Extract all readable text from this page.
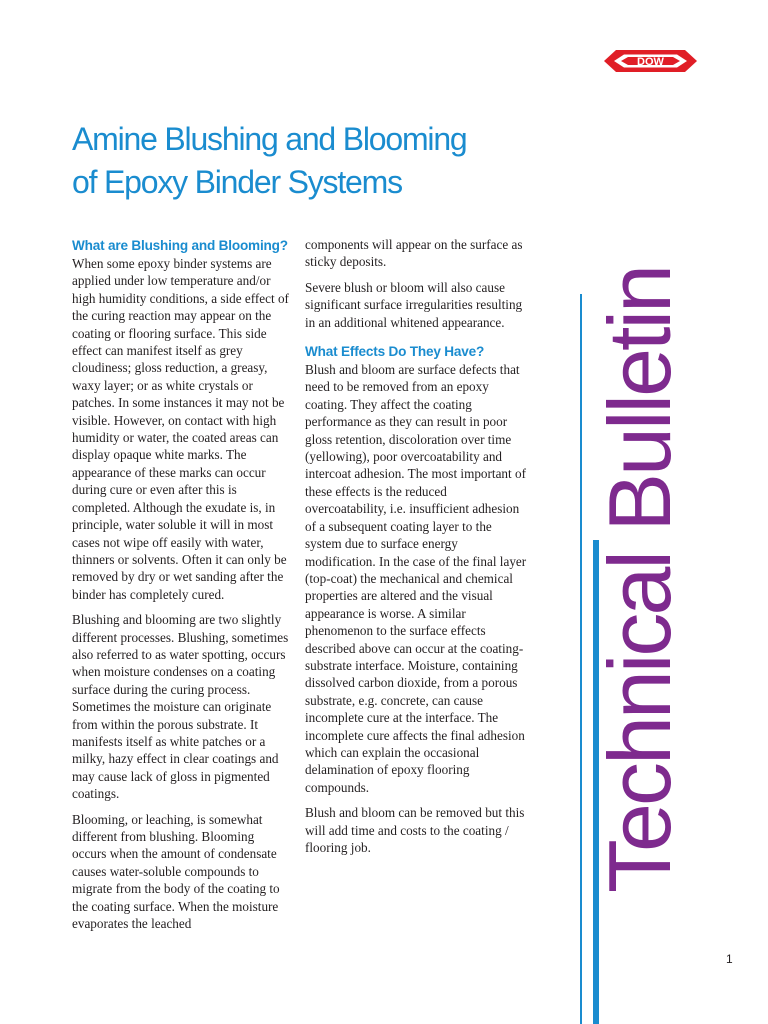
DOW
Amine Blushing and Blooming
of Epoxy Binder Systems
What are Blushing and Blooming?

When some epoxy binder systems are applied under low temperature and/or high humidity conditions, a side effect of the curing reaction may appear on the coating or flooring surface. This side effect can manifest itself as grey cloudiness; gloss reduction, a greasy, waxy layer; or as white crystals or patches. In some instances it may not be visible. However, on contact with high humidity or water, the coated areas can display opaque white marks. The appearance of these marks can occur during cure or even after this is completed. Although the exudate is, in principle, water soluble it will in most cases not wipe off easily with water, thinners or solvents. Often it can only be removed by dry or wet sanding after the binder has completely cured.

Blushing and blooming are two slightly different processes. Blushing, sometimes also referred to as water spotting, occurs when moisture condenses on a coating surface during the curing process. Sometimes the moisture can originate from within the porous substrate. It manifests itself as white patches or a milky, hazy effect in clear coatings and may cause lack of gloss in pigmented coatings.

Blooming, or leaching, is somewhat different from blushing. Blooming occurs when the amount of condensate causes water-soluble compounds to migrate from the body of the coating to the coating surface. When the moisture evaporates the leached

components will appear on the surface as sticky deposits.

Severe blush or bloom will also cause significant surface irregularities resulting in an additional whitened appearance.

What Effects Do They Have?

Blush and bloom are surface defects that need to be removed from an epoxy coating. They affect the coating performance as they can result in poor gloss retention, discoloration over time (yellowing), poor overcoatability and intercoat adhesion. The most important of these effects is the reduced overcoatability, i.e. insufficient adhesion of a subsequent coating layer to the system due to surface energy modification. In the case of the final layer (top-coat) the mechanical and chemical properties are altered and the visual appearance is worse. A similar phenomenon to the surface effects described above can occur at the coating-substrate interface. Moisture, containing dissolved carbon dioxide, from a porous substrate, e.g. concrete, can cause incomplete cure at the interface. The incomplete cure affects the final adhesion which can explain the occasional delamination of epoxy flooring compounds.

Blush and bloom can be removed but this will add time and costs to the coating / flooring job.	Technical Bulletin
1
